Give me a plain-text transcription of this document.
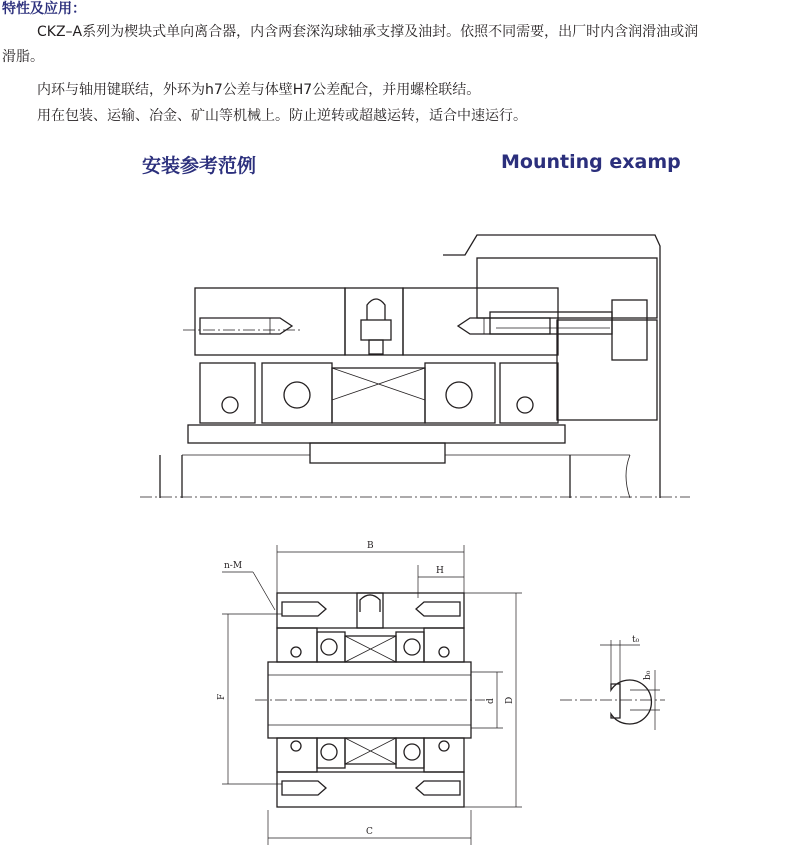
特性及应用：
CKZ–A系列为楔块式单向离合器，内含两套深沟球轴承支撑及油封。依照不同需要，出厂时内含润滑油或润
滑脂。
内环与轴用键联结，外环为h7公差与体壁H7公差配合，并用螺栓联结。
用在包装、运输、冶金、矿山等机械上。防止逆转或超越运转，适合中速运行。
安装参考范例	Mounting examp
B
H
n-M
F
d D
C
t₀
b₀
